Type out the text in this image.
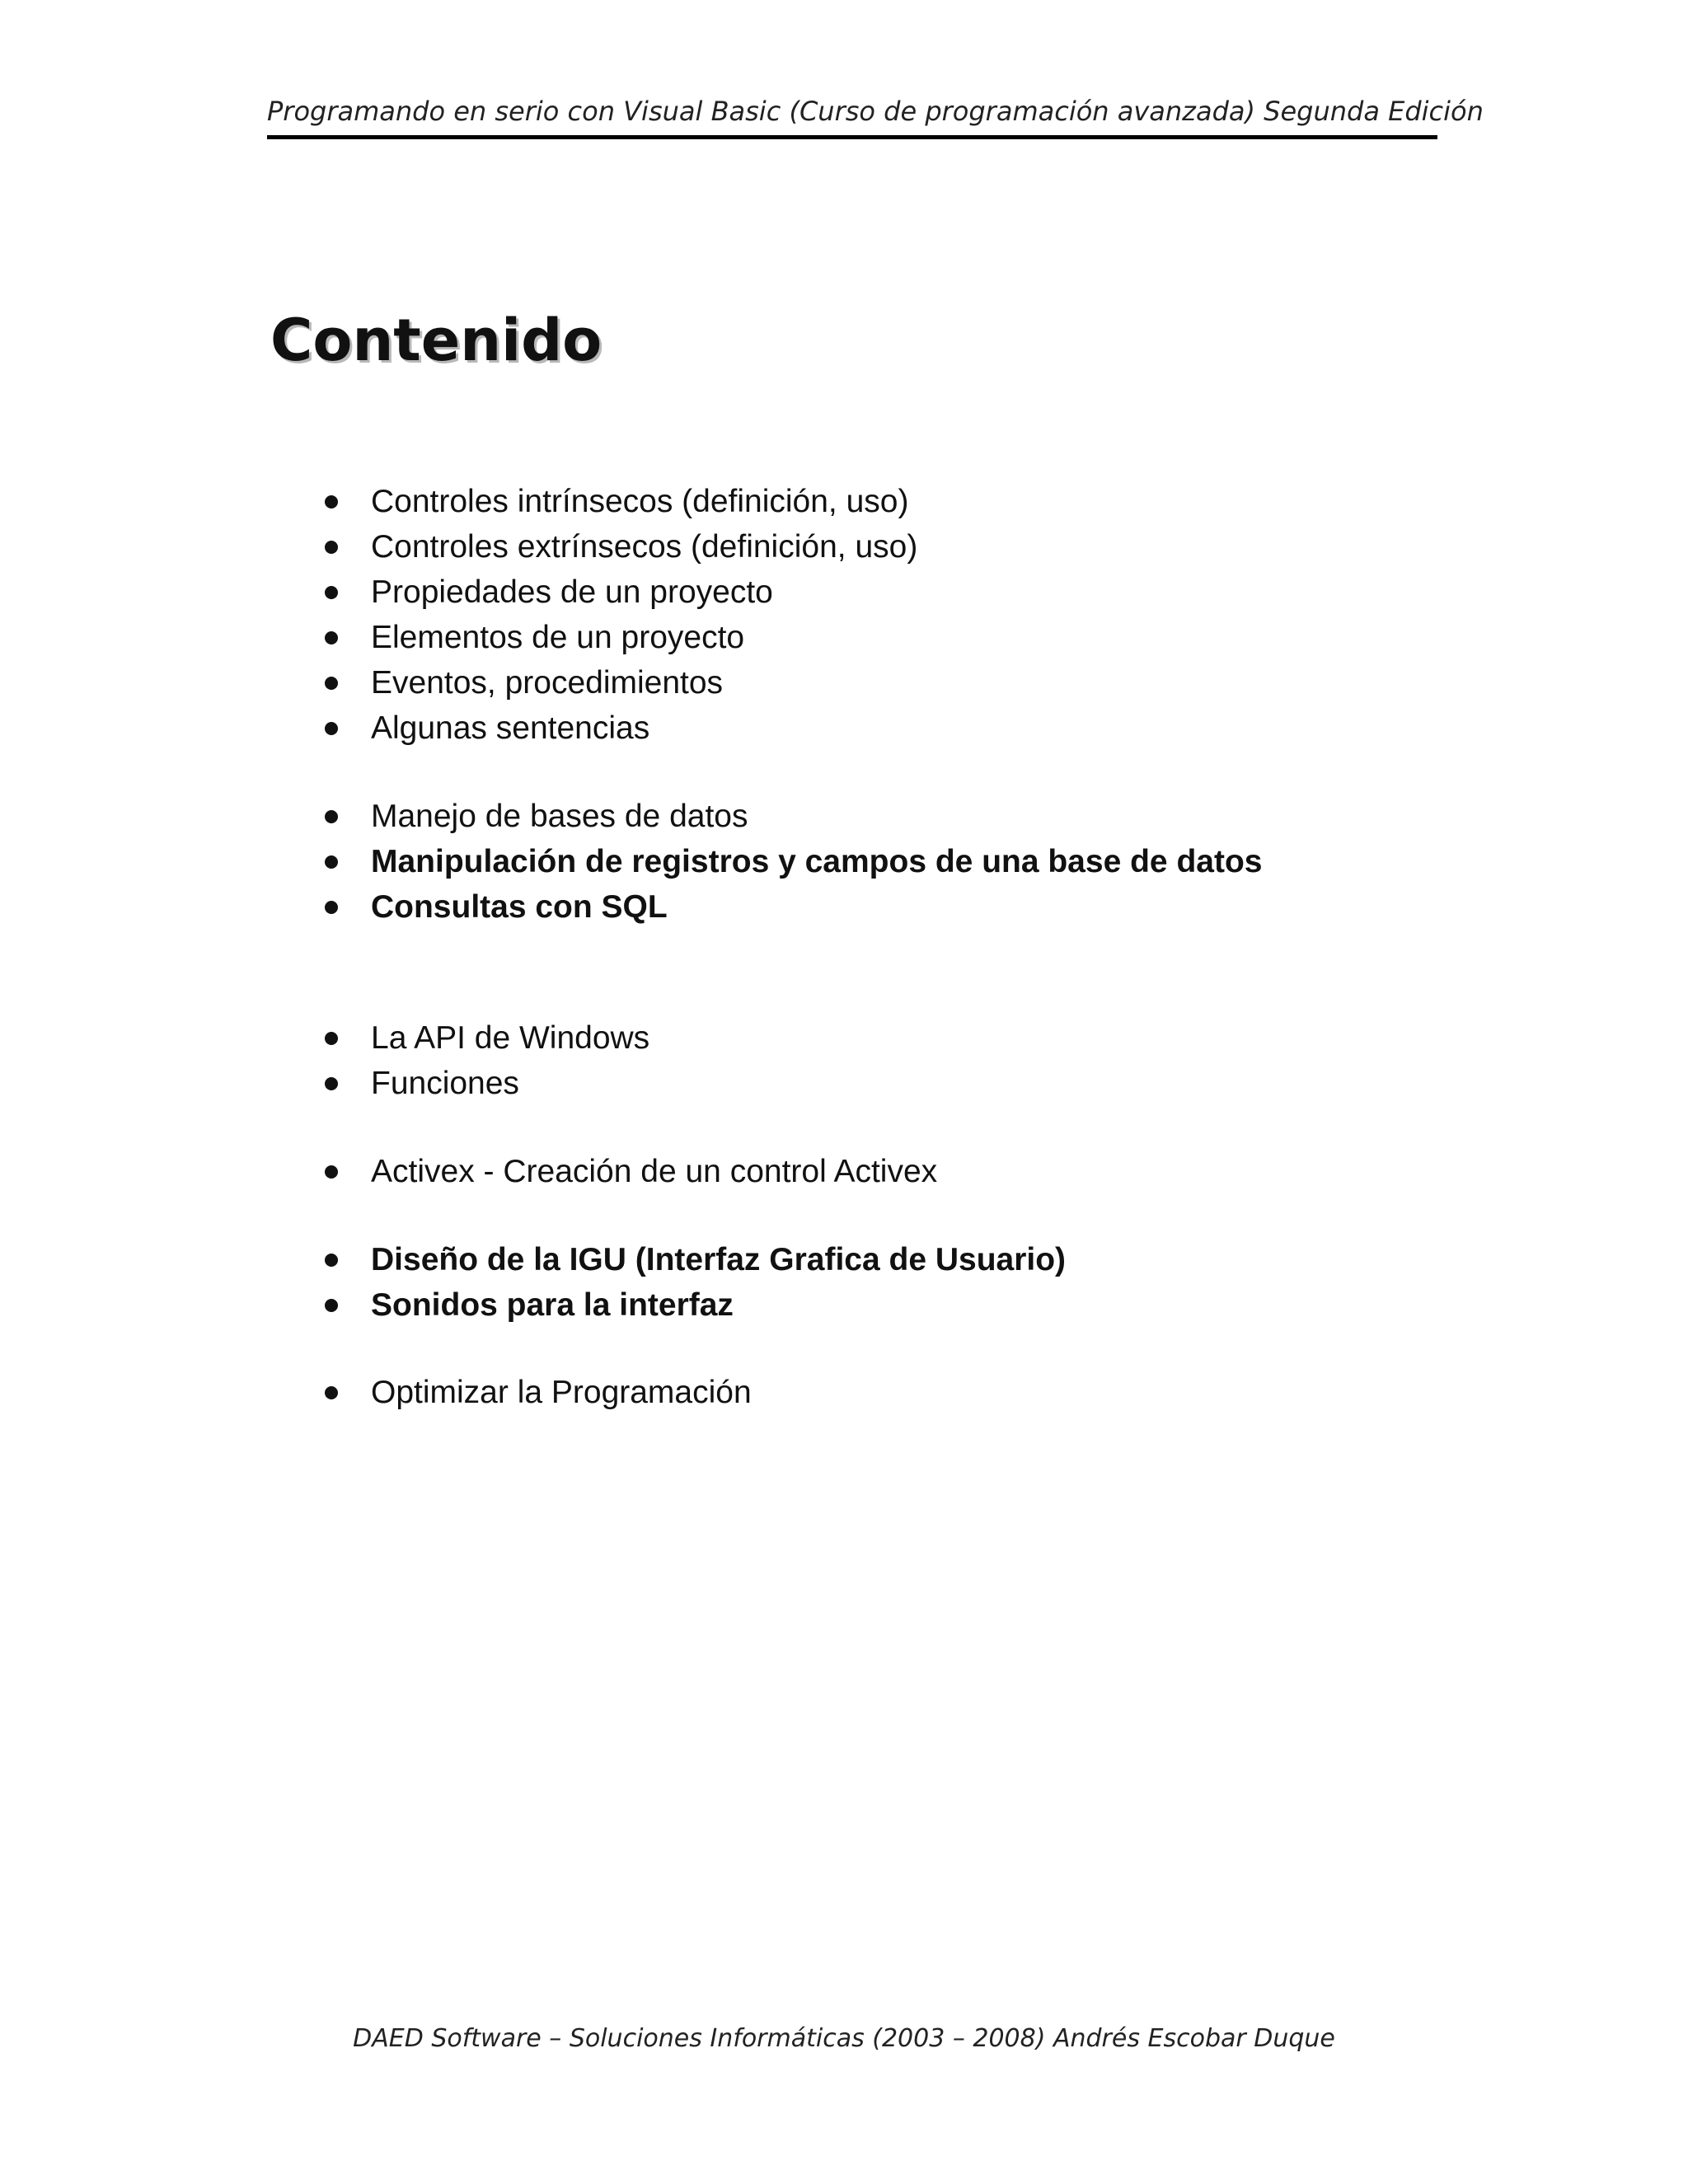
Programando en serio con Visual Basic (Curso de programación avanzada) Segunda Edición
Contenido
Controles intrínsecos (definición, uso)
Controles extrínsecos (definición, uso)
Propiedades de un proyecto
Elementos de un proyecto
Eventos, procedimientos
Algunas sentencias
Manejo de bases de datos
Manipulación de registros y campos de una base de datos
Consultas con SQL
La API de Windows
Funciones
Activex - Creación de un control Activex
Diseño de la IGU (Interfaz Grafica de Usuario)
Sonidos para la interfaz
Optimizar la Programación
DAED Software – Soluciones Informáticas (2003 – 2008) Andrés Escobar Duque
